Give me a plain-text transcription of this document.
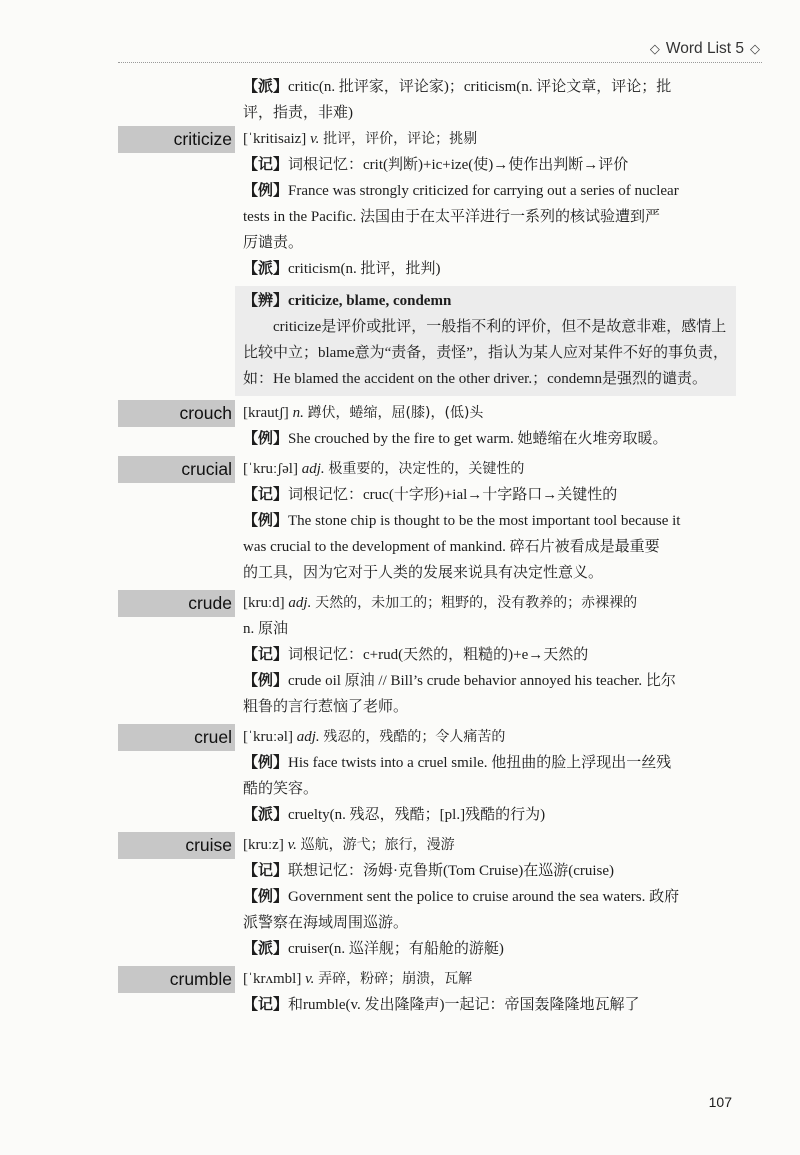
◇ Word List 5 ◇
【派】critic(n. 批评家，评论家)；criticism(n. 评论文章，评论；批
评，指责，非难)
criticize [ˈkritisaiz] v. 批评，评价，评论；挑剔
【记】词根记忆：crit(判断)+ic+ize(使)→使作出判断→评价
【例】France was strongly criticized for carrying out a series of nuclear
tests in the Pacific. 法国由于在太平洋进行一系列的核试验遭到严
厉谴责。
【派】criticism(n. 批评，批判)
【辨】criticize, blame, condemn

criticize是评价或批评，一般指不利的评价，但不是故意非难，感情上比较中立；blame意为“责备，责怪”，指认为某人应对某件不好的事负责，如：He blamed the accident on the other driver.；condemn是强烈的谴责。

crouch [krautʃ] n. 蹲伏，蜷缩，屈(膝)，(低)头
【例】She crouched by the fire to get warm. 她蜷缩在火堆旁取暖。
crucial [ˈkruːʃəl] adj. 极重要的，决定性的，关键性的
【记】词根记忆：cruc(十字形)+ial→十字路口→关键性的
【例】The stone chip is thought to be the most important tool because it
was crucial to the development of mankind. 碎石片被看成是最重要
的工具，因为它对于人类的发展来说具有决定性意义。
crude [kruːd] adj. 天然的，未加工的；粗野的，没有教养的；赤裸裸的
n. 原油
【记】词根记忆：c+rud(天然的，粗糙的)+e→天然的
【例】crude oil 原油 // Bill’s crude behavior annoyed his teacher. 比尔
粗鲁的言行惹恼了老师。
cruel [ˈkruːəl] adj. 残忍的，残酷的；令人痛苦的
【例】His face twists into a cruel smile. 他扭曲的脸上浮现出一丝残
酷的笑容。
【派】cruelty(n. 残忍，残酷；[pl.]残酷的行为)
cruise [kruːz] v. 巡航，游弋；旅行，漫游
【记】联想记忆：汤姆·克鲁斯(Tom Cruise)在巡游(cruise)
【例】Government sent the police to cruise around the sea waters. 政府
派警察在海域周围巡游。
【派】cruiser(n. 巡洋舰；有船舱的游艇)
crumble [ˈkrʌmbl] v. 弄碎，粉碎；崩溃，瓦解
【记】和rumble(v. 发出隆隆声)一起记：帝国轰隆隆地瓦解了
107
